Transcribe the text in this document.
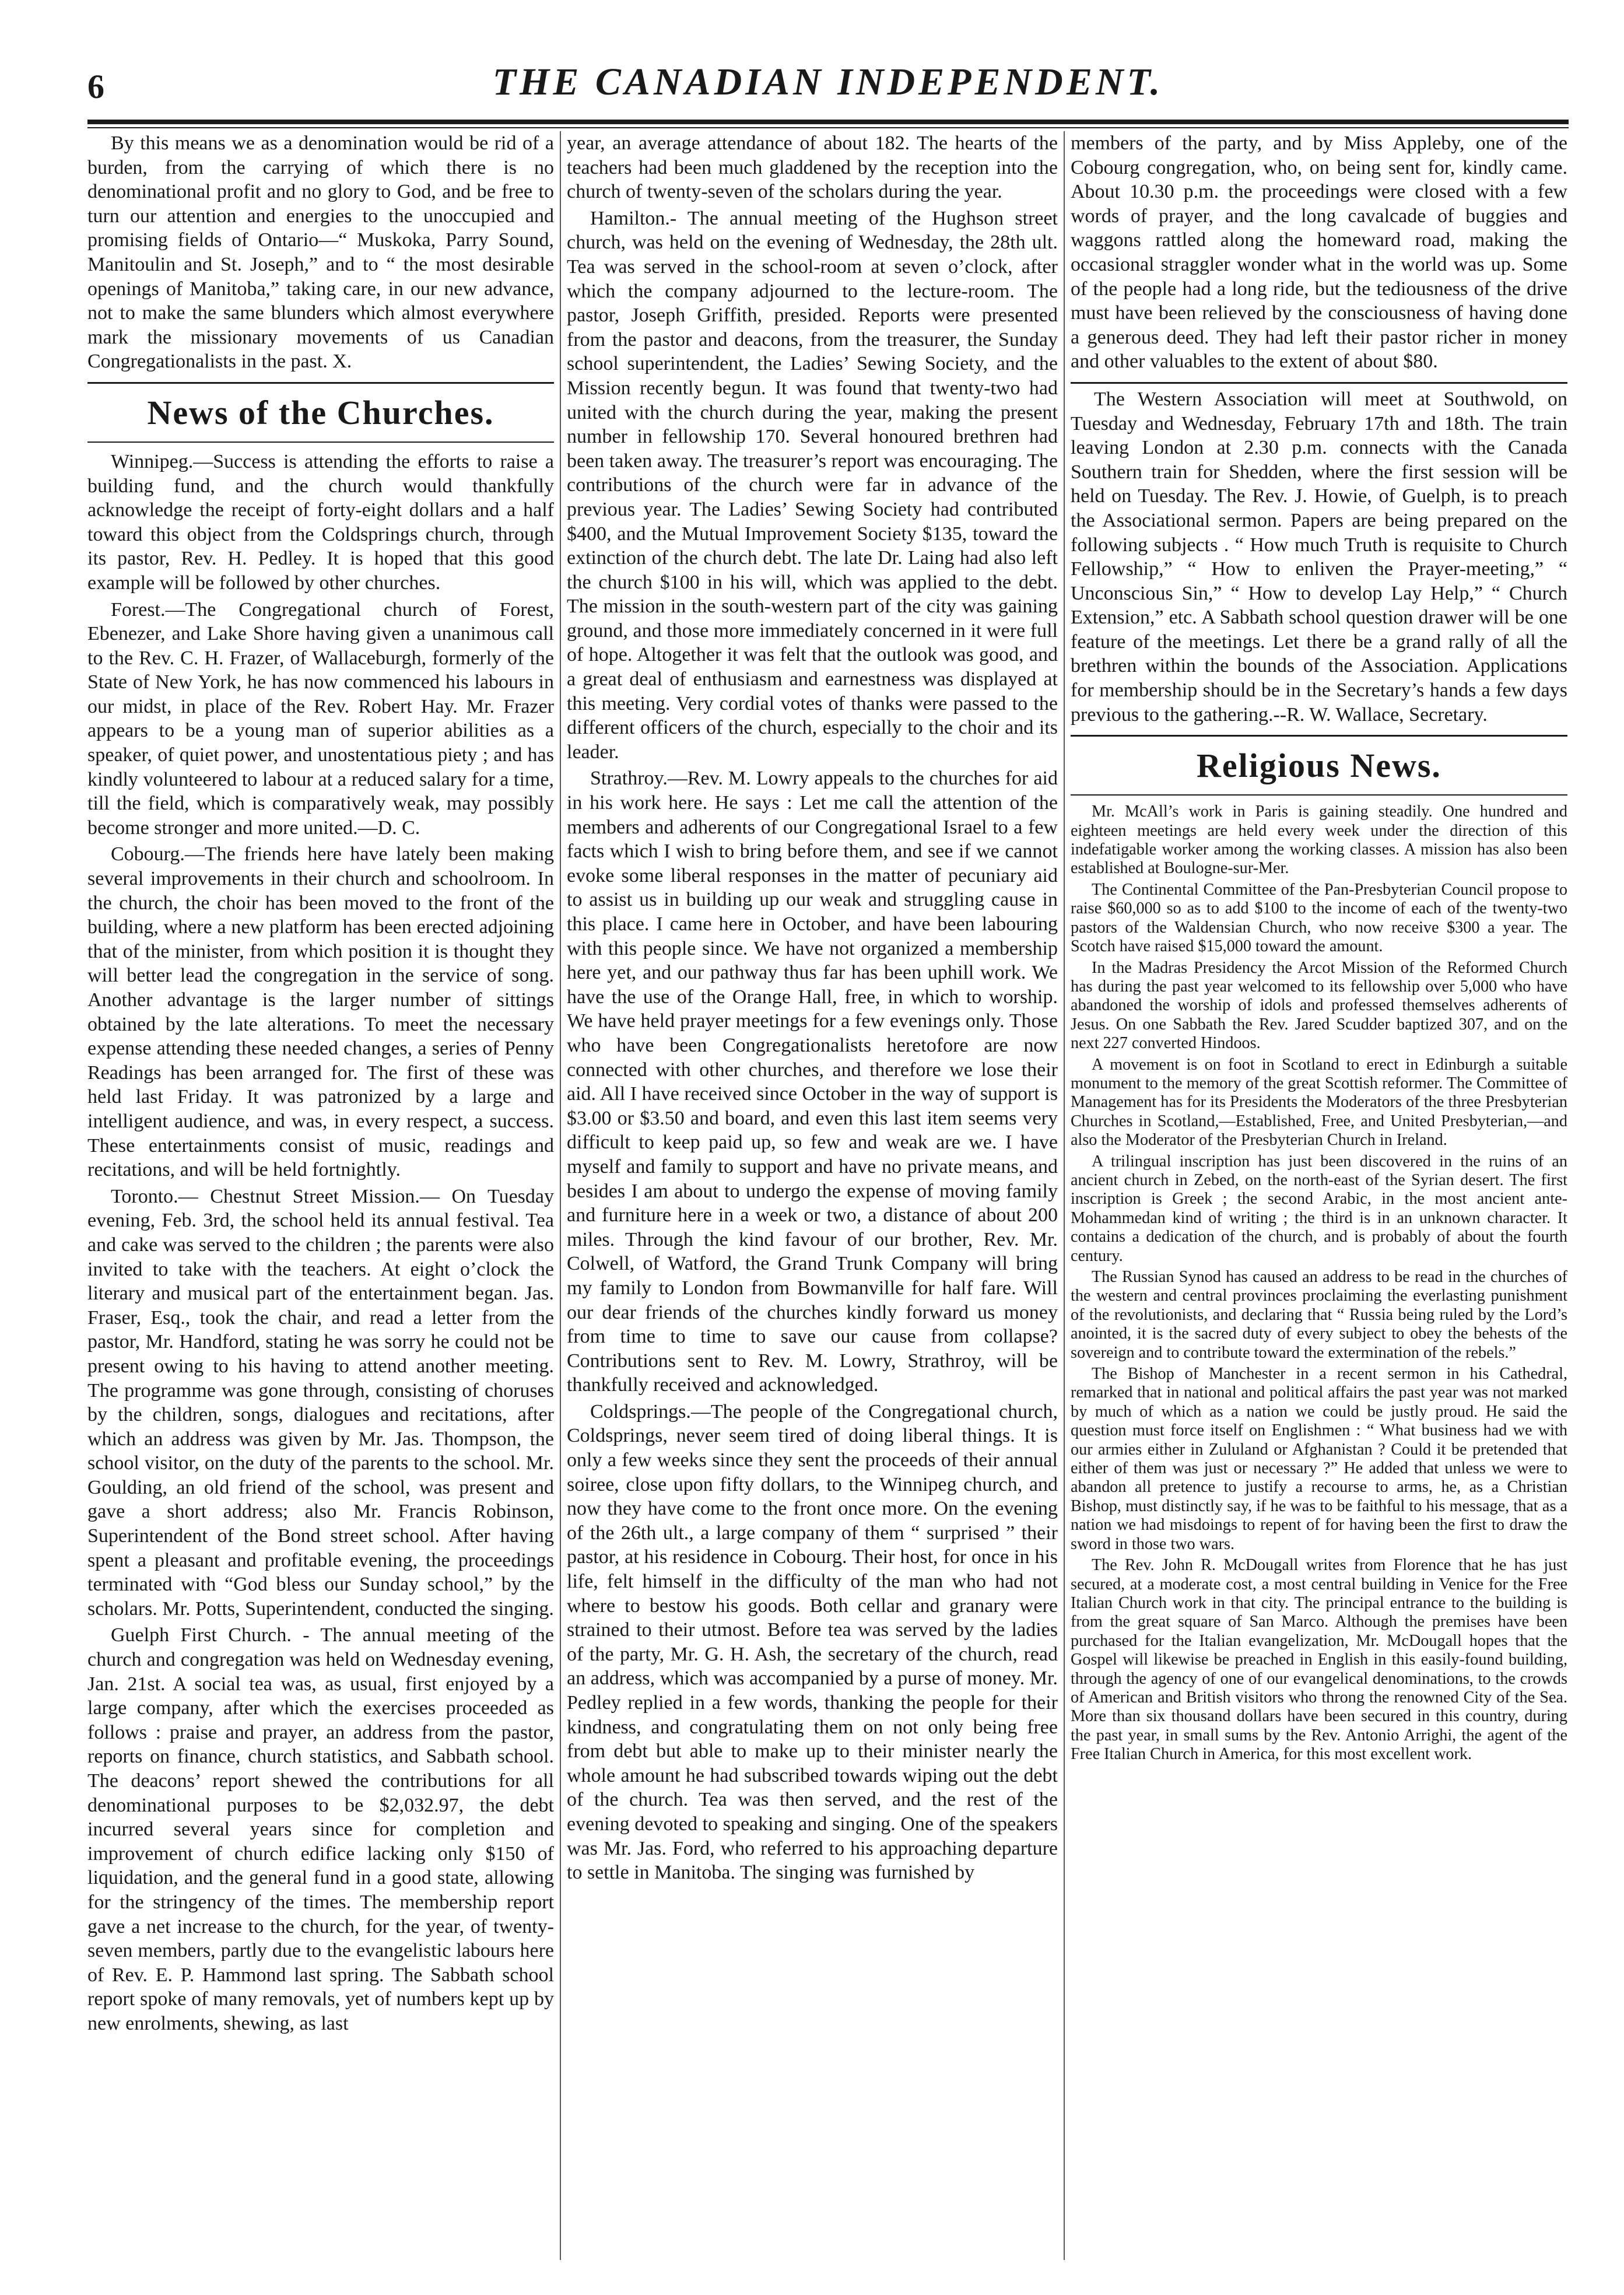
6	THE CANADIAN INDEPENDENT.

By this means we as a denomination would be rid of a burden, from the carrying of which there is no denominational profit and no glory to God, and be free to turn our attention and energies to the unoccupied and promising fields of Ontario—“ Muskoka, Parry Sound, Manitoulin and St. Joseph,” and to “ the most desirable openings of Manitoba,” taking care, in our new advance, not to make the same blunders which almost everywhere mark the missionary movements of us Canadian Congregationalists in the past. X.

News of the Churches.

Winnipeg.—Success is attending the efforts to raise a building fund, and the church would thankfully acknowledge the receipt of forty-eight dollars and a half toward this object from the Coldsprings church, through its pastor, Rev. H. Pedley. It is hoped that this good example will be followed by other churches.

Forest.—The Congregational church of Forest, Ebenezer, and Lake Shore having given a unanimous call to the Rev. C. H. Frazer, of Wallaceburgh, formerly of the State of New York, he has now commenced his labours in our midst, in place of the Rev. Robert Hay. Mr. Frazer appears to be a young man of superior abilities as a speaker, of quiet power, and unostentatious piety ; and has kindly volunteered to labour at a reduced salary for a time, till the field, which is comparatively weak, may possibly become stronger and more united.—D. C.

Cobourg.—The friends here have lately been making several improvements in their church and schoolroom. In the church, the choir has been moved to the front of the building, where a new platform has been erected adjoining that of the minister, from which position it is thought they will better lead the congregation in the service of song. Another advantage is the larger number of sittings obtained by the late alterations. To meet the necessary expense attending these needed changes, a series of Penny Readings has been arranged for. The first of these was held last Friday. It was patronized by a large and intelligent audience, and was, in every respect, a success. These entertainments consist of music, readings and recitations, and will be held fortnightly.

Toronto.— Chestnut Street Mission.— On Tuesday evening, Feb. 3rd, the school held its annual festival. Tea and cake was served to the children ; the parents were also invited to take with the teachers. At eight o’clock the literary and musical part of the entertainment began. Jas. Fraser, Esq., took the chair, and read a letter from the pastor, Mr. Handford, stating he was sorry he could not be present owing to his having to attend another meeting. The programme was gone through, consisting of choruses by the children, songs, dialogues and recitations, after which an address was given by Mr. Jas. Thompson, the school visitor, on the duty of the parents to the school. Mr. Goulding, an old friend of the school, was present and gave a short address; also Mr. Francis Robinson, Superintendent of the Bond street school. After having spent a pleasant and profitable evening, the proceedings terminated with “God bless our Sunday school,” by the scholars. Mr. Potts, Superintendent, conducted the singing.

Guelph First Church. - The annual meeting of the church and congregation was held on Wednesday evening, Jan. 21st. A social tea was, as usual, first enjoyed by a large company, after which the exercises proceeded as follows : praise and prayer, an address from the pastor, reports on finance, church statistics, and Sabbath school. The deacons’ report shewed the contributions for all denominational purposes to be $2,032.97, the debt incurred several years since for completion and improvement of church edifice lacking only $150 of liquidation, and the general fund in a good state, allowing for the stringency of the times. The membership report gave a net increase to the church, for the year, of twenty-seven members, partly due to the evangelistic labours here of Rev. E. P. Hammond last spring. The Sabbath school report spoke of many removals, yet of numbers kept up by new enrolments, shewing, as last

year, an average attendance of about 182. The hearts of the teachers had been much gladdened by the reception into the church of twenty-seven of the scholars during the year.

Hamilton.- The annual meeting of the Hughson street church, was held on the evening of Wednesday, the 28th ult. Tea was served in the school-room at seven o’clock, after which the company adjourned to the lecture-room. The pastor, Joseph Griffith, presided. Reports were presented from the pastor and deacons, from the treasurer, the Sunday school superintendent, the Ladies’ Sewing Society, and the Mission recently begun. It was found that twenty-two had united with the church during the year, making the present number in fellowship 170. Several honoured brethren had been taken away. The treasurer’s report was encouraging. The contributions of the church were far in advance of the previous year. The Ladies’ Sewing Society had contributed $400, and the Mutual Improvement Society $135, toward the extinction of the church debt. The late Dr. Laing had also left the church $100 in his will, which was applied to the debt. The mission in the south-western part of the city was gaining ground, and those more immediately concerned in it were full of hope. Altogether it was felt that the outlook was good, and a great deal of enthusiasm and earnestness was displayed at this meeting. Very cordial votes of thanks were passed to the different officers of the church, especially to the choir and its leader.

Strathroy.—Rev. M. Lowry appeals to the churches for aid in his work here. He says : Let me call the attention of the members and adherents of our Congregational Israel to a few facts which I wish to bring before them, and see if we cannot evoke some liberal responses in the matter of pecuniary aid to assist us in building up our weak and struggling cause in this place. I came here in October, and have been labouring with this people since. We have not organized a membership here yet, and our pathway thus far has been uphill work. We have the use of the Orange Hall, free, in which to worship. We have held prayer meetings for a few evenings only. Those who have been Congregationalists heretofore are now connected with other churches, and therefore we lose their aid. All I have received since October in the way of support is $3.00 or $3.50 and board, and even this last item seems very difficult to keep paid up, so few and weak are we. I have myself and family to support and have no private means, and besides I am about to undergo the expense of moving family and furniture here in a week or two, a distance of about 200 miles. Through the kind favour of our brother, Rev. Mr. Colwell, of Watford, the Grand Trunk Company will bring my family to London from Bowmanville for half fare. Will our dear friends of the churches kindly forward us money from time to time to save our cause from collapse? Contributions sent to Rev. M. Lowry, Strathroy, will be thankfully received and acknowledged.

Coldsprings.—The people of the Congregational church, Coldsprings, never seem tired of doing liberal things. It is only a few weeks since they sent the proceeds of their annual soiree, close upon fifty dollars, to the Winnipeg church, and now they have come to the front once more. On the evening of the 26th ult., a large company of them “ surprised ” their pastor, at his residence in Cobourg. Their host, for once in his life, felt himself in the difficulty of the man who had not where to bestow his goods. Both cellar and granary were strained to their utmost. Before tea was served by the ladies of the party, Mr. G. H. Ash, the secretary of the church, read an address, which was accompanied by a purse of money. Mr. Pedley replied in a few words, thanking the people for their kindness, and congratulating them on not only being free from debt but able to make up to their minister nearly the whole amount he had subscribed towards wiping out the debt of the church. Tea was then served, and the rest of the evening devoted to speaking and singing. One of the speakers was Mr. Jas. Ford, who referred to his approaching departure to settle in Manitoba. The singing was furnished by

members of the party, and by Miss Appleby, one of the Cobourg congregation, who, on being sent for, kindly came. About 10.30 p.m. the proceedings were closed with a few words of prayer, and the long cavalcade of buggies and waggons rattled along the homeward road, making the occasional straggler wonder what in the world was up. Some of the people had a long ride, but the tediousness of the drive must have been relieved by the consciousness of having done a generous deed. They had left their pastor richer in money and other valuables to the extent of about $80.

The Western Association will meet at Southwold, on Tuesday and Wednesday, February 17th and 18th. The train leaving London at 2.30 p.m. connects with the Canada Southern train for Shedden, where the first session will be held on Tuesday. The Rev. J. Howie, of Guelph, is to preach the Associational sermon. Papers are being prepared on the following subjects . “ How much Truth is requisite to Church Fellowship,” “ How to enliven the Prayer-meeting,” “ Unconscious Sin,” “ How to develop Lay Help,” “ Church Extension,” etc. A Sabbath school question drawer will be one feature of the meetings. Let there be a grand rally of all the brethren within the bounds of the Association. Applications for membership should be in the Secretary’s hands a few days previous to the gathering.--R. W. Wallace, Secretary.

Religious News.

Mr. McAll’s work in Paris is gaining steadily. One hundred and eighteen meetings are held every week under the direction of this indefatigable worker among the working classes. A mission has also been established at Boulogne-sur-Mer.

The Continental Committee of the Pan-Presbyterian Council propose to raise $60,000 so as to add $100 to the income of each of the twenty-two pastors of the Waldensian Church, who now receive $300 a year. The Scotch have raised $15,000 toward the amount.

In the Madras Presidency the Arcot Mission of the Reformed Church has during the past year welcomed to its fellowship over 5,000 who have abandoned the worship of idols and professed themselves adherents of Jesus. On one Sabbath the Rev. Jared Scudder baptized 307, and on the next 227 converted Hindoos.

A movement is on foot in Scotland to erect in Edinburgh a suitable monument to the memory of the great Scottish reformer. The Committee of Management has for its Presidents the Moderators of the three Presbyterian Churches in Scotland,—Established, Free, and United Presbyterian,—and also the Moderator of the Presbyterian Church in Ireland.

A trilingual inscription has just been discovered in the ruins of an ancient church in Zebed, on the north-east of the Syrian desert. The first inscription is Greek ; the second Arabic, in the most ancient ante-Mohammedan kind of writing ; the third is in an unknown character. It contains a dedication of the church, and is probably of about the fourth century.

The Russian Synod has caused an address to be read in the churches of the western and central provinces proclaiming the everlasting punishment of the revolutionists, and declaring that “ Russia being ruled by the Lord’s anointed, it is the sacred duty of every subject to obey the behests of the sovereign and to contribute toward the extermination of the rebels.”

The Bishop of Manchester in a recent sermon in his Cathedral, remarked that in national and political affairs the past year was not marked by much of which as a nation we could be justly proud. He said the question must force itself on Englishmen : “ What business had we with our armies either in Zululand or Afghanistan ? Could it be pretended that either of them was just or necessary ?” He added that unless we were to abandon all pretence to justify a recourse to arms, he, as a Christian Bishop, must distinctly say, if he was to be faithful to his message, that as a nation we had misdoings to repent of for having been the first to draw the sword in those two wars.

The Rev. John R. McDougall writes from Florence that he has just secured, at a moderate cost, a most central building in Venice for the Free Italian Church work in that city. The principal entrance to the building is from the great square of San Marco. Although the premises have been purchased for the Italian evangelization, Mr. McDougall hopes that the Gospel will likewise be preached in English in this easily-found building, through the agency of one of our evangelical denominations, to the crowds of American and British visitors who throng the renowned City of the Sea. More than six thousand dollars have been secured in this country, during the past year, in small sums by the Rev. Antonio Arrighi, the agent of the Free Italian Church in America, for this most excellent work.
